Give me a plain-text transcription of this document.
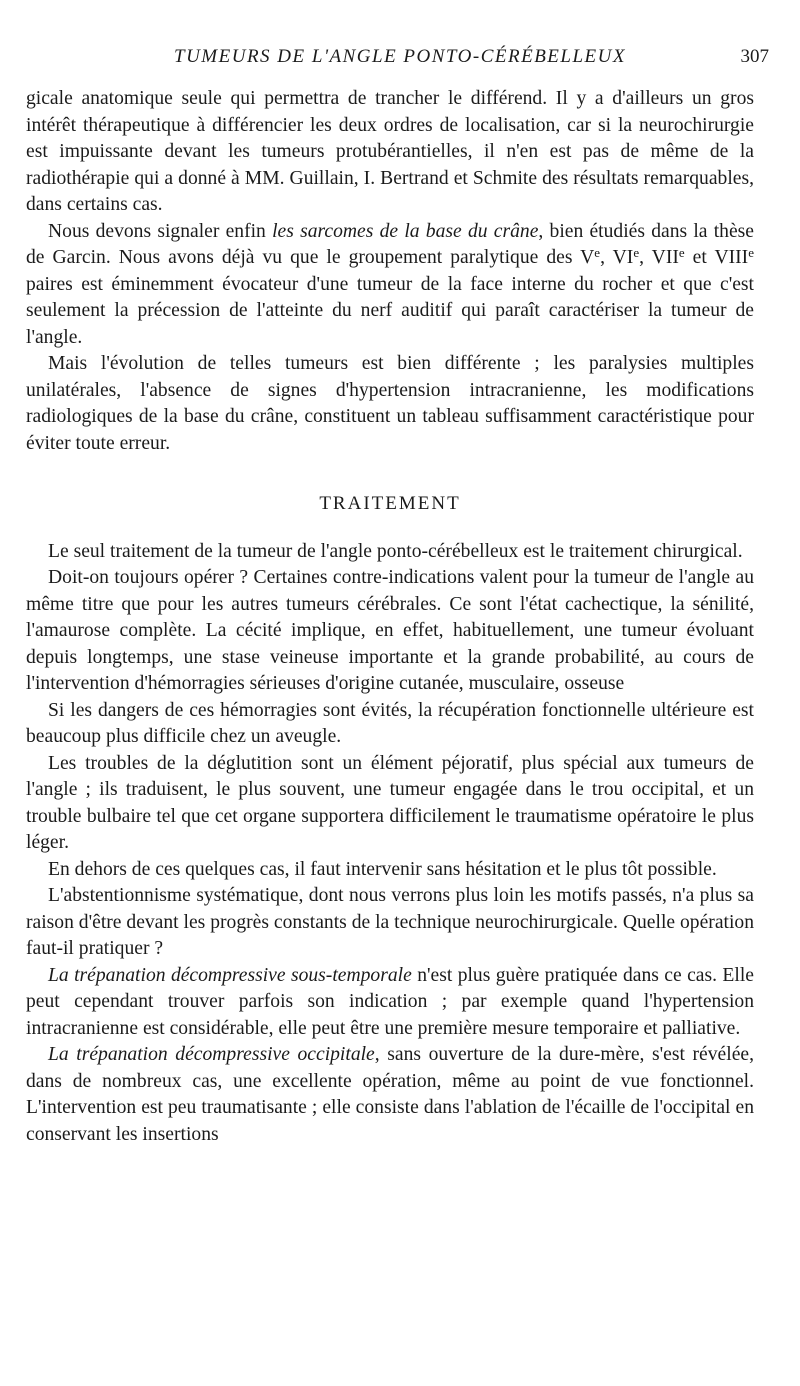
TUMEURS DE L'ANGLE PONTO-CÉRÉBELLEUX	307

gicale anatomique seule qui permettra de trancher le différend. Il y a d'ailleurs un gros intérêt thérapeutique à différencier les deux ordres de localisation, car si la neurochirurgie est impuissante devant les tumeurs protubérantielles, il n'en est pas de même de la radiothérapie qui a donné à MM. Guillain, I. Bertrand et Schmite des résultats remarquables, dans certains cas.

Nous devons signaler enfin les sarcomes de la base du crâne, bien étudiés dans la thèse de Garcin. Nous avons déjà vu que le groupement paralytique des Ve, VIe, VIIe et VIIIe paires est éminemment évocateur d'une tumeur de la face interne du rocher et que c'est seulement la précession de l'atteinte du nerf auditif qui paraît caractériser la tumeur de l'angle.

Mais l'évolution de telles tumeurs est bien différente ; les paralysies multiples unilatérales, l'absence de signes d'hypertension intracranienne, les modifications radiologiques de la base du crâne, constituent un tableau suffisamment caractéristique pour éviter toute erreur.

TRAITEMENT

Le seul traitement de la tumeur de l'angle ponto-cérébelleux est le traitement chirurgical.

Doit-on toujours opérer ? Certaines contre-indications valent pour la tumeur de l'angle au même titre que pour les autres tumeurs cérébrales. Ce sont l'état cachectique, la sénilité, l'amaurose complète. La cécité implique, en effet, habituellement, une tumeur évoluant depuis longtemps, une stase veineuse importante et la grande probabilité, au cours de l'intervention d'hémorragies sérieuses d'origine cutanée, musculaire, osseuse

Si les dangers de ces hémorragies sont évités, la récupération fonctionnelle ultérieure est beaucoup plus difficile chez un aveugle.

Les troubles de la déglutition sont un élément péjoratif, plus spécial aux tumeurs de l'angle ; ils traduisent, le plus souvent, une tumeur engagée dans le trou occipital, et un trouble bulbaire tel que cet organe supportera difficilement le traumatisme opératoire le plus léger.

En dehors de ces quelques cas, il faut intervenir sans hésitation et le plus tôt possible.

L'abstentionnisme systématique, dont nous verrons plus loin les motifs passés, n'a plus sa raison d'être devant les progrès constants de la technique neurochirurgicale. Quelle opération faut-il pratiquer ?

La trépanation décompressive sous-temporale n'est plus guère pratiquée dans ce cas. Elle peut cependant trouver parfois son indication ; par exemple quand l'hypertension intracranienne est considérable, elle peut être une première mesure temporaire et palliative.

La trépanation décompressive occipitale, sans ouverture de la dure-mère, s'est révélée, dans de nombreux cas, une excellente opération, même au point de vue fonctionnel. L'intervention est peu traumatisante ; elle consiste dans l'ablation de l'écaille de l'occipital en conservant les insertions
